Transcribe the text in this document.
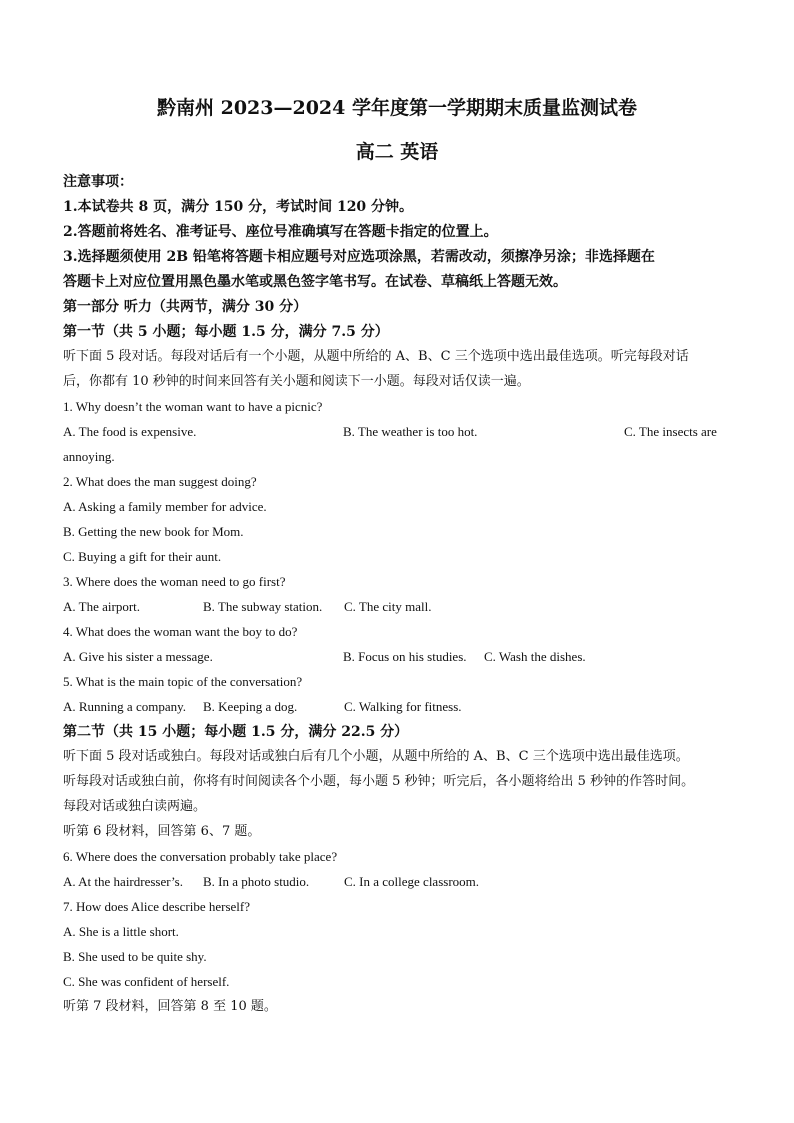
黔南州 2023—2024 学年度第一学期期末质量监测试卷
高二 英语
注意事项：
1.本试卷共 8 页，满分 150 分，考试时间 120 分钟。
2.答题前将姓名、准考证号、座位号准确填写在答题卡指定的位置上。
3.选择题须使用 2B 铅笔将答题卡相应题号对应选项涂黑，若需改动，须擦净另涂；非选择题在
答题卡上对应位置用黑色墨水笔或黑色签字笔书写。在试卷、草稿纸上答题无效。
第一部分 听力（共两节，满分 30 分）
第一节（共 5 小题；每小题 1.5 分，满分 7.5 分）
听下面 5 段对话。每段对话后有一个小题，从题中所给的 A、B、C 三个选项中选出最佳选项。听完每段对话
后，你都有 10 秒钟的时间来回答有关小题和阅读下一小题。每段对话仅读一遍。
1. Why doesn’t the woman want to have a picnic?
A. The food is expensive.	B. The weather is too hot.	C. The insects are
annoying.
2. What does the man suggest doing?
A. Asking a family member for advice.
B. Getting the new book for Mom.
C. Buying a gift for their aunt.
3. Where does the woman need to go first?
A. The airport.	B. The subway station. C. The city mall.
4. What does the woman want the boy to do?
A. Give his sister a message.	B. Focus on his studies. C. Wash the dishes.
5. What is the main topic of the conversation?
A. Running a company. B. Keeping a dog.	C. Walking for fitness.
第二节（共 15 小题；每小题 1.5 分，满分 22.5 分）
听下面 5 段对话或独白。每段对话或独白后有几个小题，从题中所给的 A、B、C 三个选项中选出最佳选项。
听每段对话或独白前，你将有时间阅读各个小题，每小题 5 秒钟；听完后，各小题将给出 5 秒钟的作答时间。
每段对话或独白读两遍。
听第 6 段材料，回答第 6、7 题。
6. Where does the conversation probably take place?
A. At the hairdresser’s. B. In a photo studio.	C. In a college classroom.
7. How does Alice describe herself?
A. She is a little short.
B. She used to be quite shy.
C. She was confident of herself.
听第 7 段材料，回答第 8 至 10 题。
